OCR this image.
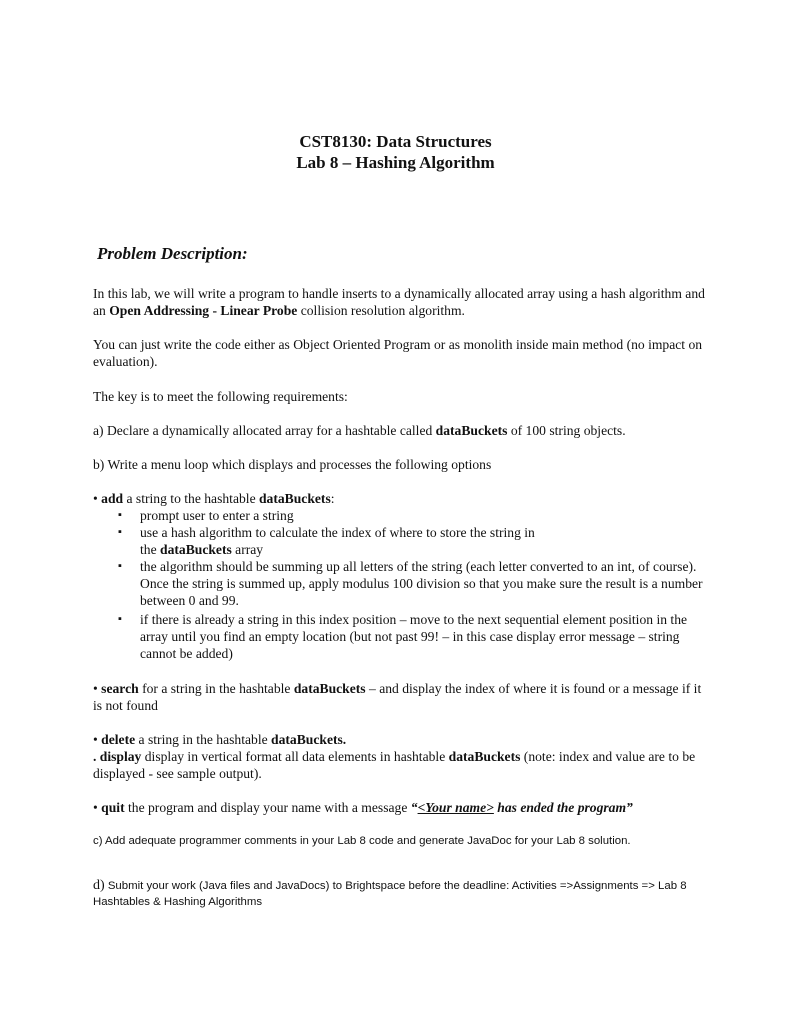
CST8130: Data Structures
Lab 8 – Hashing Algorithm
Problem Description:
In this lab, we will write a program to handle inserts to a dynamically allocated array using a hash algorithm and an Open Addressing - Linear Probe collision resolution algorithm.
You can just write the code either as Object Oriented Program or as monolith inside main method (no impact on evaluation).
The key is to meet the following requirements:
a) Declare a dynamically allocated array for a hashtable called dataBuckets of 100 string objects.
b) Write a menu loop which displays and processes the following options
• add a string to the hashtable dataBuckets:
▪ prompt user to enter a string
▪ use a hash algorithm to calculate the index of where to store the string in
the dataBuckets array
▪ the algorithm should be summing up all letters of the string (each letter converted to an int, of course). Once the string is summed up, apply modulus 100 division so that you make sure the result is a number between 0 and 99.
▪ if there is already a string in this index position – move to the next sequential element position in the array until you find an empty location (but not past 99! – in this case display error message – string cannot be added)
• search for a string in the hashtable dataBuckets – and display the index of where it is found or a message if it is not found
• delete a string in the hashtable dataBuckets.
. display display in vertical format all data elements in hashtable dataBuckets (note: index and value are to be displayed - see sample output).
• quit the program and display your name with a message “<Your name> has ended the program”
c) Add adequate programmer comments in your Lab 8 code and generate JavaDoc for your Lab 8 solution.
d) Submit your work (Java files and JavaDocs) to Brightspace before the deadline: Activities =>Assignments => Lab 8 Hashtables & Hashing Algorithms
